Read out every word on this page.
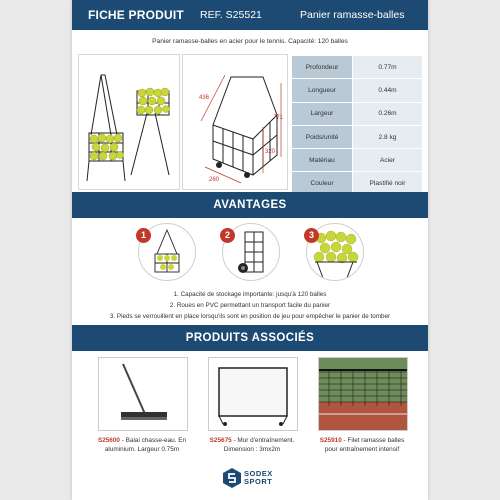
FICHE PRODUIT REF. S25521	Panier ramasse-balles
Panier ramasse-balles en acier pour le tennis. Capacité: 120 balles
436
771
320
260
Profondeur	0.77m
Longueur	0.44m
Largeur	0.26m
Poids/unité	2.8 kg
Matériau	Acier
Couleur	Plastifié noir
AVANTAGES
1	2	3
1. Capacité de stockage importante: jusqu'à 120 balles
2. Roues en PVC permettant un transport facile du panier
3. Pieds se verrouillent en place lorsqu'ils sont en position de jeu pour empêcher le panier de tomber
PRODUITS ASSOCIÉS
S25600 - Balai chasse-eau. En aluminium. Largeur 0.75m
S25675 - Mur d'entraînement. Dimension : 3mx2m
S25910 - Filet ramasse balles pour entraînement intensif
SODEX
SPORT
